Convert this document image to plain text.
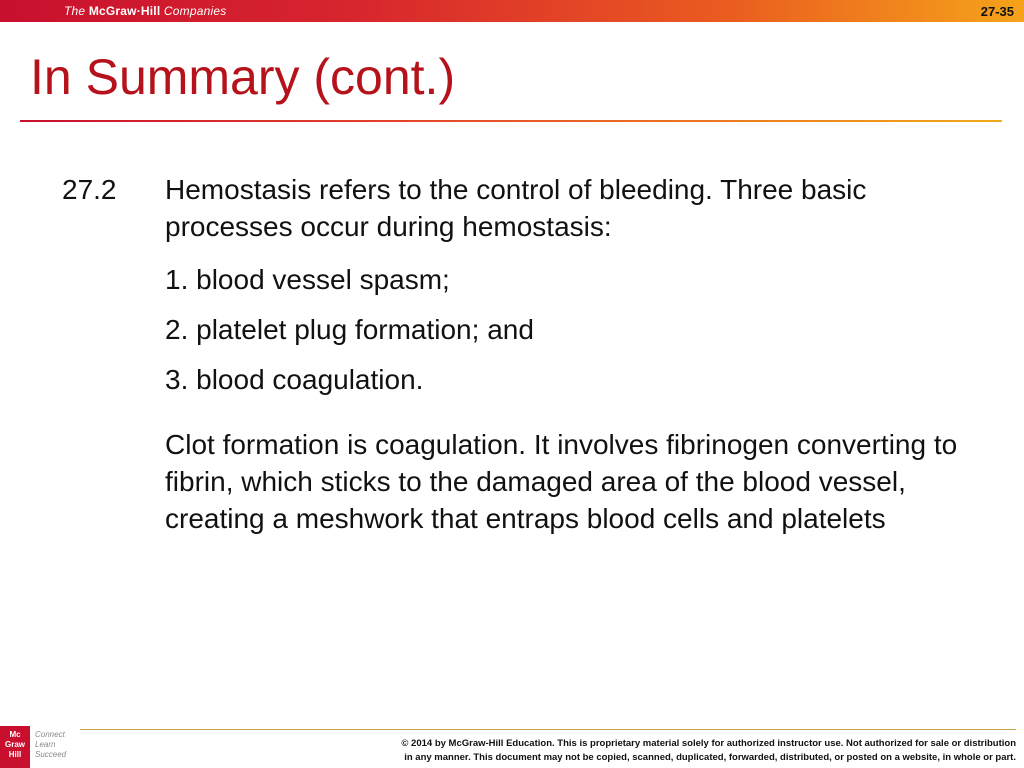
The McGraw·Hill Companies	27-35
In Summary (cont.)
27.2 Hemostasis refers to the control of bleeding. Three basic processes occur during hemostasis:
1. blood vessel spasm;
2. platelet plug formation; and
3. blood coagulation.
Clot formation is coagulation. It involves fibrinogen converting to fibrin, which sticks to the damaged area of the blood vessel, creating a meshwork that entraps blood cells and platelets
Mc
Graw
Hill
Connect
Learn
Succeed
© 2014 by McGraw-Hill Education. This is proprietary material solely for authorized instructor use. Not authorized for sale or distribution
in any manner. This document may not be copied, scanned, duplicated, forwarded, distributed, or posted on a website, in whole or part.
